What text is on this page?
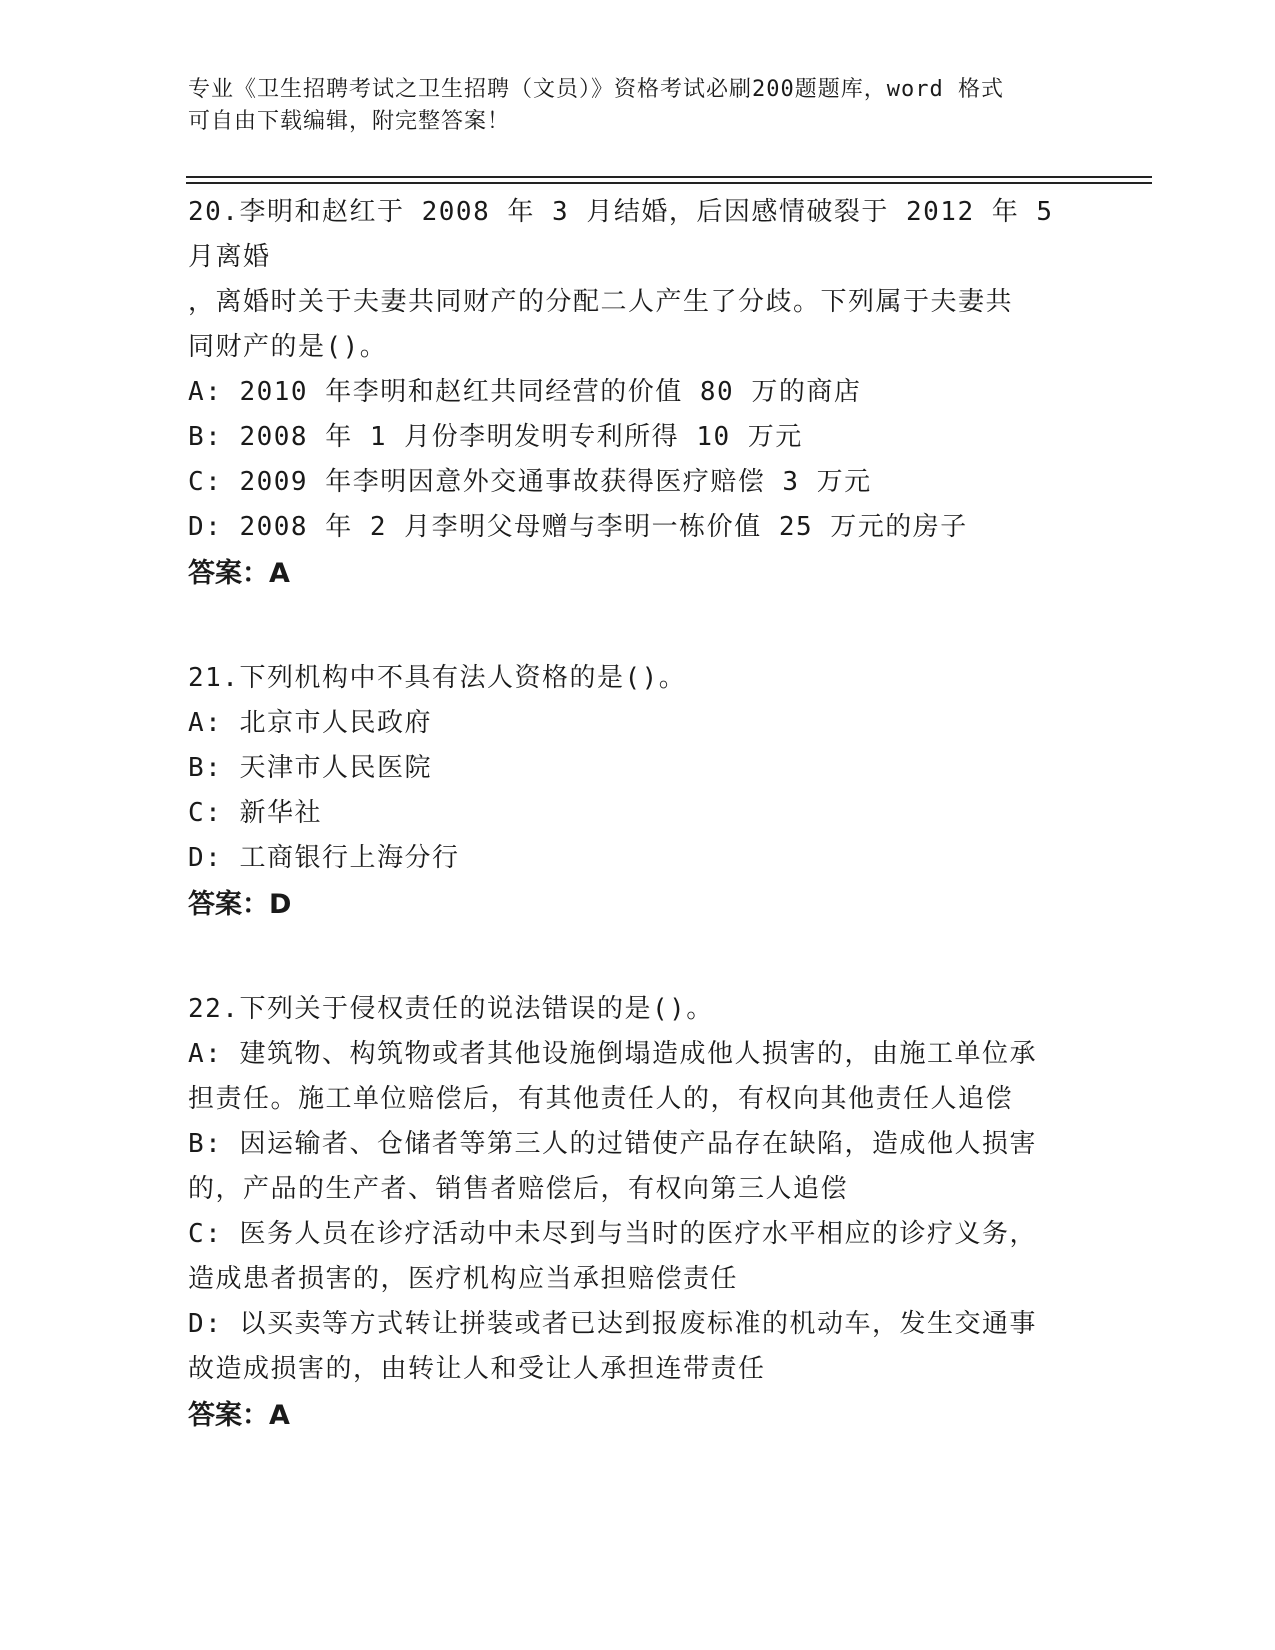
专业《卫生招聘考试之卫生招聘（文员）》资格考试必刷200题题库，word 格式
可自由下载编辑，附完整答案！

20.李明和赵红于 2008 年 3 月结婚，后因感情破裂于 2012 年 5 月离婚

，离婚时关于夫妻共同财产的分配二人产生了分歧。下列属于夫妻共

同财产的是()。

A: 2010 年李明和赵红共同经营的价值 80 万的商店

B: 2008 年 1 月份李明发明专利所得 10 万元

C: 2009 年李明因意外交通事故获得医疗赔偿 3 万元

D: 2008 年 2 月李明父母赠与李明一栋价值 25 万元的房子

答案：A

21.下列机构中不具有法人资格的是()。

A: 北京市人民政府

B: 天津市人民医院

C: 新华社

D: 工商银行上海分行

答案：D

22.下列关于侵权责任的说法错误的是()。

A: 建筑物、构筑物或者其他设施倒塌造成他人损害的，由施工单位承

担责任。施工单位赔偿后，有其他责任人的，有权向其他责任人追偿

B: 因运输者、仓储者等第三人的过错使产品存在缺陷，造成他人损害

的，产品的生产者、销售者赔偿后，有权向第三人追偿

C: 医务人员在诊疗活动中未尽到与当时的医疗水平相应的诊疗义务，

造成患者损害的，医疗机构应当承担赔偿责任

D: 以买卖等方式转让拼装或者已达到报废标准的机动车，发生交通事

故造成损害的，由转让人和受让人承担连带责任

答案：A
